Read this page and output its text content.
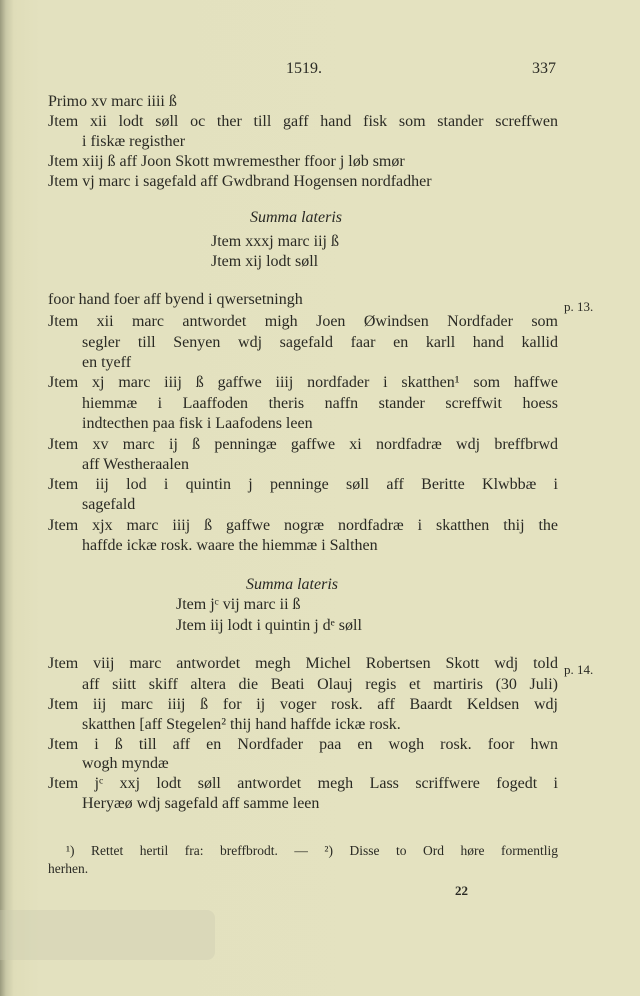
1519.	337
Primo xv marc iiii ß
Jtem xii lodt søll oc ther till gaff hand fisk som stander screffwen
i fiskæ registher
Jtem xiij ß aff Joon Skott mwremesther ffoor j løb smør
Jtem vj marc i sagefald aff Gwdbrand Hogensen nordfadher
Summa lateris
Jtem xxxj marc iij ß
Jtem xij lodt søll
foor hand foer aff byend i qwersetningh	p. 13.
Jtem xii marc antwordet migh Joen Øwindsen Nordfader som
segler till Senyen wdj sagefald faar en karll hand kallid
en tyeff
Jtem xj marc iiij ß gaffwe iiij nordfader i skatthen¹ som haffwe
hiemmæ i Laaffoden theris naffn stander screffwit hoess
indtecthen paa fisk i Laafodens leen
Jtem xv marc ij ß penningæ gaffwe xi nordfadræ wdj breffbrwd
aff Westheraalen
Jtem iij lod i quintin j penninge søll aff Beritte Klwbbæ i
sagefald
Jtem xjx marc iiij ß gaffwe nogræ nordfadræ i skatthen thij the
haffde ickæ rosk. waare the hiemmæ i Salthen
Summa lateris
Jtem jᶜ vij marc ii ß
Jtem iij lodt i quintin j dᵉ søll
Jtem viij marc antwordet megh Michel Robertsen Skott wdj told p. 14.
aff siitt skiff altera die Beati Olauj regis et martiris (30 Juli)
Jtem iij marc iiij ß for ij voger rosk. aff Baardt Keldsen wdj
skatthen [aff Stegelen² thij hand haffde ickæ rosk.
Jtem i ß till aff en Nordfader paa en wogh rosk. foor hwn
wogh myndæ
Jtem jᶜ xxj lodt søll antwordet megh Lass scriffwere fogedt i
Heryæø wdj sagefald aff samme leen
¹) Rettet hertil fra: breffbrodt. — ²) Disse to Ord høre formentlig
herhen.
22
